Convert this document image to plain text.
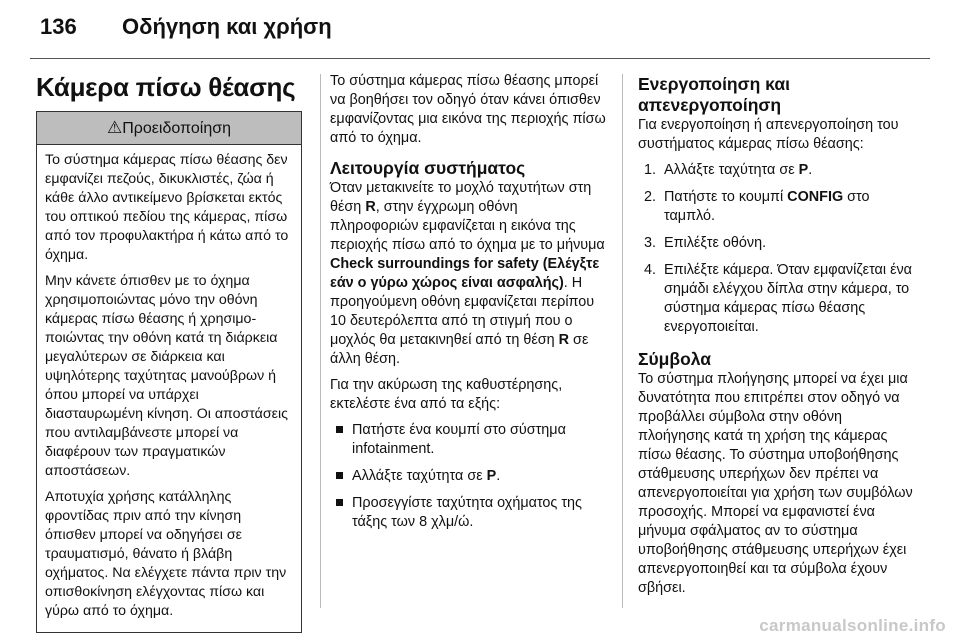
136 Οδήγηση και χρήση
Κάμερα πίσω θέασης
⚠Προειδοποίηση

Το σύστημα κάμερας πίσω θέασης δεν εμφανίζει πεζούς, δικυκλιστές, ζώα ή κάθε άλλο αντικείμενο βρίσκεται εκτός του οπτικού πεδίου της κάμερας, πίσω από τον προφυλακτήρα ή κάτω από το όχημα.

Μην κάνετε όπισθεν με το όχημα χρησιμοποιώντας μόνο την οθόνη κάμερας πίσω θέασης ή χρησιμοποιώντας την οθόνη κατά τη διάρκεια μεγαλύτερων σε διάρκεια και υψηλότερης ταχύτητας μανούβρων ή όπου μπορεί να υπάρχει διασταυρωμένη κίνηση. Οι αποστάσεις που αντιλαμβάνεστε μπορεί να διαφέρουν των πραγματικών αποστάσεων.

Αποτυχία χρήσης κατάλληλης φροντίδας πριν από την κίνηση όπισθεν μπορεί να οδηγήσει σε τραυματισμό, θάνατο ή βλάβη οχήματος. Να ελέγχετε πάντα πριν την οπισθοκίνηση ελέγχοντας πίσω και γύρω από το όχημα.

Το σύστημα κάμερας πίσω θέασης μπορεί να βοηθήσει τον οδηγό όταν κάνει όπισθεν εμφανίζοντας μια εικόνα της περιοχής πίσω από το όχημα.

Λειτουργία συστήματος

Όταν μετακινείτε το μοχλό ταχυτήτων στη θέση R, στην έγχρωμη οθόνη πληροφοριών εμφανίζεται η εικόνα της περιοχής πίσω από το όχημα με το μήνυμα Check surroundings for safety (Ελέγξτε εάν ο γύρω χώρος είναι ασφαλής). Η προηγούμενη οθόνη εμφανίζεται περίπου 10 δευτερόλεπτα από τη στιγμή που ο μοχλός θα μετακινηθεί από τη θέση R σε άλλη θέση.

Για την ακύρωση της καθυστέρησης, εκτελέστε ένα από τα εξής:

Πατήστε ένα κουμπί στο σύστημα infotainment.
Αλλάξτε ταχύτητα σε P.
Προσεγγίστε ταχύτητα οχήματος της τάξης των 8 χλμ/ώ.
Ενεργοποίηση και απενεργοποίηση

Για ενεργοποίηση ή απενεργοποίηση του συστήματος κάμερας πίσω θέασης:

1. Αλλάξτε ταχύτητα σε P.
2. Πατήστε το κουμπί CONFIG στο ταμπλό.
3. Επιλέξτε οθόνη.
4. Επιλέξτε κάμερα. Όταν εμφανίζεται ένα σημάδι ελέγχου δίπλα στην κάμερα, το σύστημα κάμερας πίσω θέασης ενεργοποιείται.
Σύμβολα

Το σύστημα πλοήγησης μπορεί να έχει μια δυνατότητα που επιτρέπει στον οδηγό να προβάλλει σύμβολα στην οθόνη πλοήγησης κατά τη χρήση της κάμερας πίσω θέασης. Το σύστημα υποβοήθησης στάθμευσης υπερήχων δεν πρέπει να απενεργοποιείται για χρήση των συμβόλων προσοχής. Μπορεί να εμφανιστεί ένα μήνυμα σφάλματος αν το σύστημα υποβοήθησης στάθμευσης υπερήχων έχει απενεργοποιηθεί και τα σύμβολα έχουν σβήσει.

carmanualsonline.info
